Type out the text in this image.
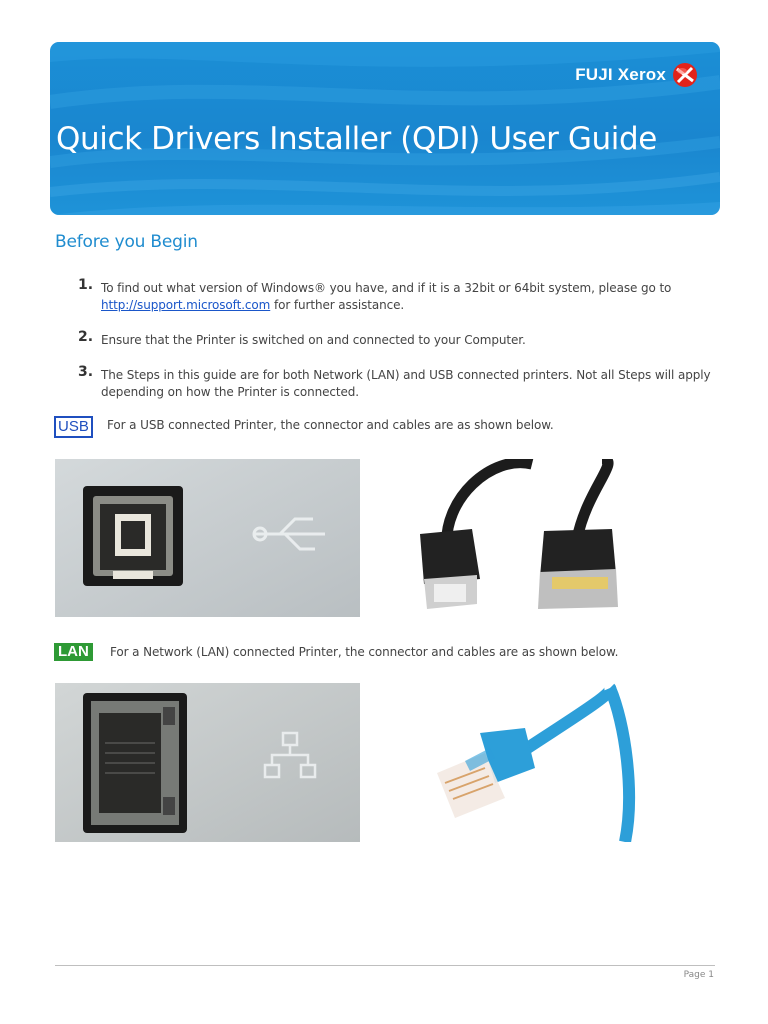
FUJI Xerox
Quick Drivers Installer (QDI) User Guide
Before you Begin
1. To find out what version of Windows® you have, and if it is a 32bit or 64bit system, please go to http://support.microsoft.com for further assistance.
2. Ensure that the Printer is switched on and connected to your Computer.
3. The Steps in this guide are for both Network (LAN) and USB connected printers. Not all Steps will apply depending on how the Printer is connected.
USB	For a USB connected Printer, the connector and cables are as shown below.
LAN	For a Network (LAN) connected Printer, the connector and cables are as shown below.
Page 1
